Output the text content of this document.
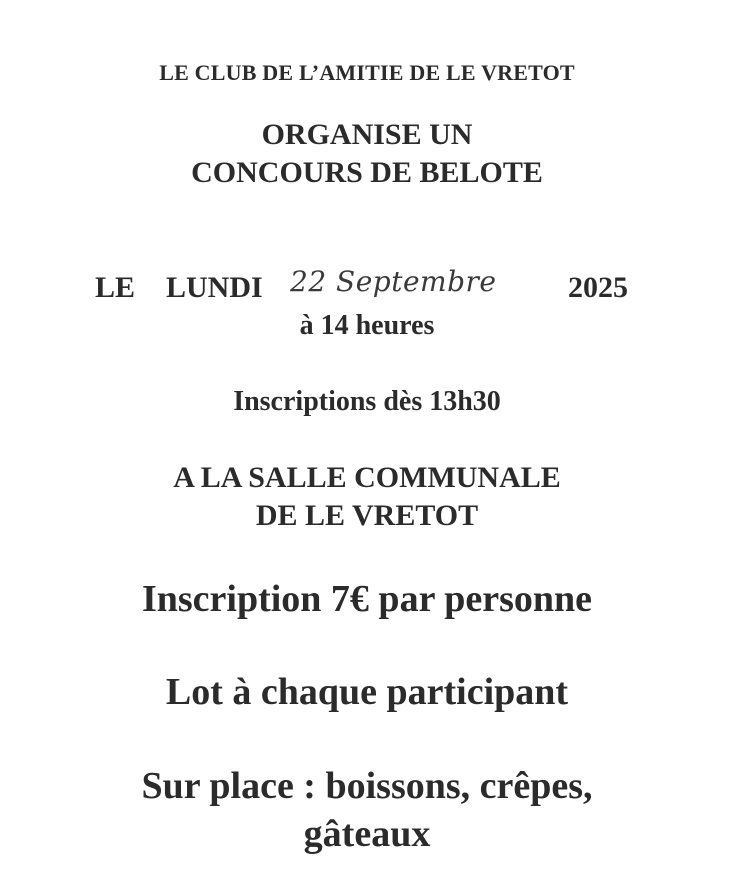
LE CLUB DE L’AMITIE DE LE VRETOT
ORGANISE UN
CONCOURS DE BELOTE
LE LUNDI 22 Septembre 2025
à 14 heures
Inscriptions dès 13h30
A LA SALLE COMMUNALE
DE LE VRETOT
Inscription 7€ par personne
Lot à chaque participant
Sur place : boissons, crêpes,
gâteaux
